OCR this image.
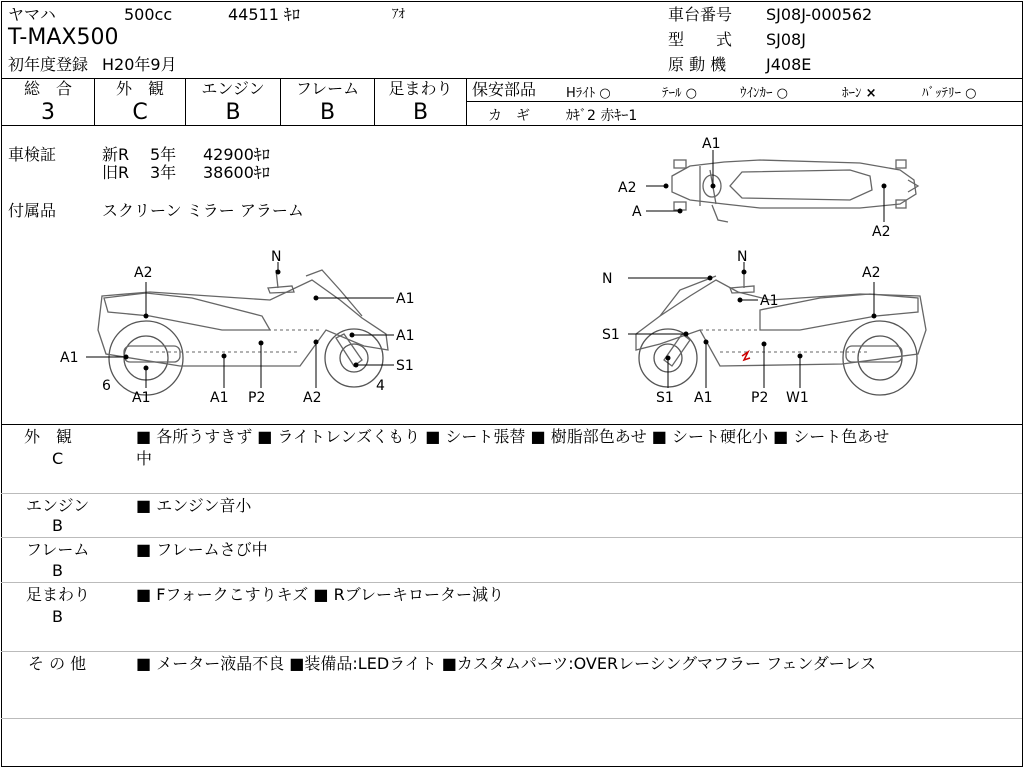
ヤマハ	500cc	44511 ｷﾛ	ｱｵ
T-MAX500
初年度登録 H20年9月
車台番号 SJ08J-000562
型　　式 SJ08J
原 動 機 J408E
総　合
3
外　観
C
エンジン
B
フレーム
B
足まわり
B
保安部品 Hﾗｲﾄ ○	ﾃｰﾙ ○	ｳｲﾝｶｰ ○	ﾎｰﾝ ×	ﾊﾞｯﾃﾘｰ ○
カ　ギ	ｶｷﾞ2 赤ｷｰ1
車検証	新R 5年 42900ｷﾛ
旧R 3年 38600ｷﾛ
付属品	スクリーン ミラー アラーム
A1
A2
A
A2
N
A2
A1
A1
A1	S1
6
A1	A1 P2	A2
4
N
N
A2
A1
S1
S1 A1	P2 W1
外　観
C
■ 各所うすきず ■ ライトレンズくもり ■ シート張替 ■ 樹脂部色あせ ■ シート硬化小 ■ シート色あせ
中
エンジン
B
■ エンジン音小
フレーム
B
■ フレームさび中
足まわり
B
■ Fフォークこすりキズ ■ Rブレーキローター減り
そ の 他	■ メーター液晶不良 ■装備品:LEDライト ■カスタムパーツ:OVERレーシングマフラー フェンダーレス
